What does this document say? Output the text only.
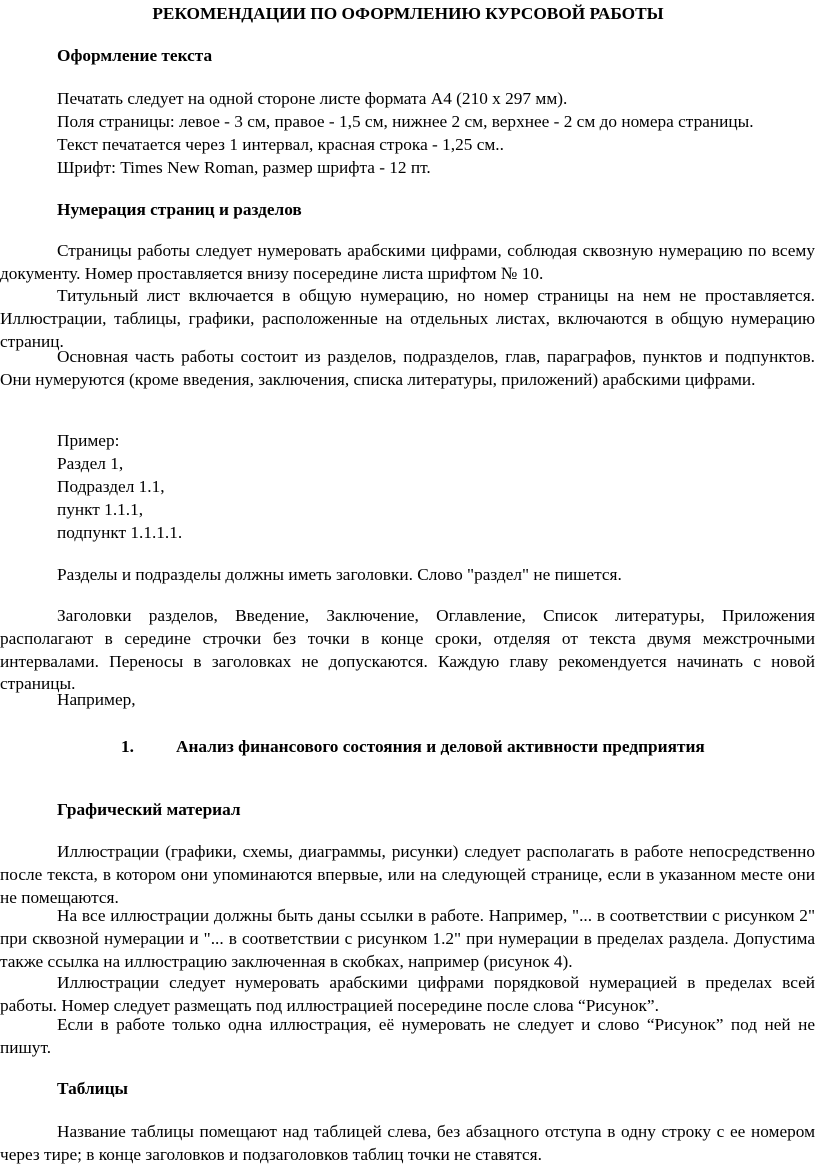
РЕКОМЕНДАЦИИ ПО ОФОРМЛЕНИЮ КУРСОВОЙ РАБОТЫ
Оформление текста
Печатать следует на одной стороне листе формата А4 (210 х 297 мм).
Поля страницы: левое - 3 см, правое - 1,5 см, нижнее 2 см, верхнее - 2 см до номера страницы.
Текст печатается через 1 интервал, красная строка - 1,25 см..
Шрифт: Times New Roman, размер шрифта - 12 пт.
Нумерация страниц и разделов
Страницы работы следует нумеровать арабскими цифрами, соблюдая сквозную нумерацию по всему документу. Номер проставляется внизу посередине листа шрифтом № 10.
Титульный лист включается в общую нумерацию, но номер страницы на нем не проставляется. Иллюстрации, таблицы, графики, расположенные на отдельных листах, включаются в общую нумерацию страниц.
Основная часть работы состоит из разделов, подразделов, глав, параграфов, пунктов и подпунктов. Они нумеруются (кроме введения, заключения, списка литературы, приложений) арабскими цифрами.
Пример:
Раздел 1,
Подраздел 1.1,
пункт 1.1.1,
подпункт 1.1.1.1.
Разделы и подразделы должны иметь заголовки. Слово "раздел" не пишется.
Заголовки разделов, Введение, Заключение, Оглавление, Список литературы, Приложения располагают в середине строчки без точки в конце сроки, отделяя от текста двумя межстрочными интервалами. Переносы в заголовках не допускаются. Каждую главу рекомендуется начинать с новой страницы.
Например,
1. Анализ финансового состояния и деловой активности предприятия
Графический материал
Иллюстрации (графики, схемы, диаграммы, рисунки) следует располагать в работе непосредственно после текста, в котором они упоминаются впервые, или на следующей странице, если в указанном месте они не помещаются.
На все иллюстрации должны быть даны ссылки в работе. Например, "... в соответствии с рисунком 2" при сквозной нумерации и "... в соответствии с рисунком 1.2" при нумерации в пределах раздела. Допустима также ссылка на иллюстрацию заключенная в скобках, например (рисунок 4).
Иллюстрации следует нумеровать арабскими цифрами порядковой нумерацией в пределах всей работы. Номер следует размещать под иллюстрацией посередине после слова “Рисунок”.
Если в работе только одна иллюстрация, её нумеровать не следует и слово “Рисунок” под ней не пишут.
Таблицы
Название таблицы помещают над таблицей слева, без абзацного отступа в одну строку с ее номером через тире; в конце заголовков и подзаголовков таблиц точки не ставятся.
